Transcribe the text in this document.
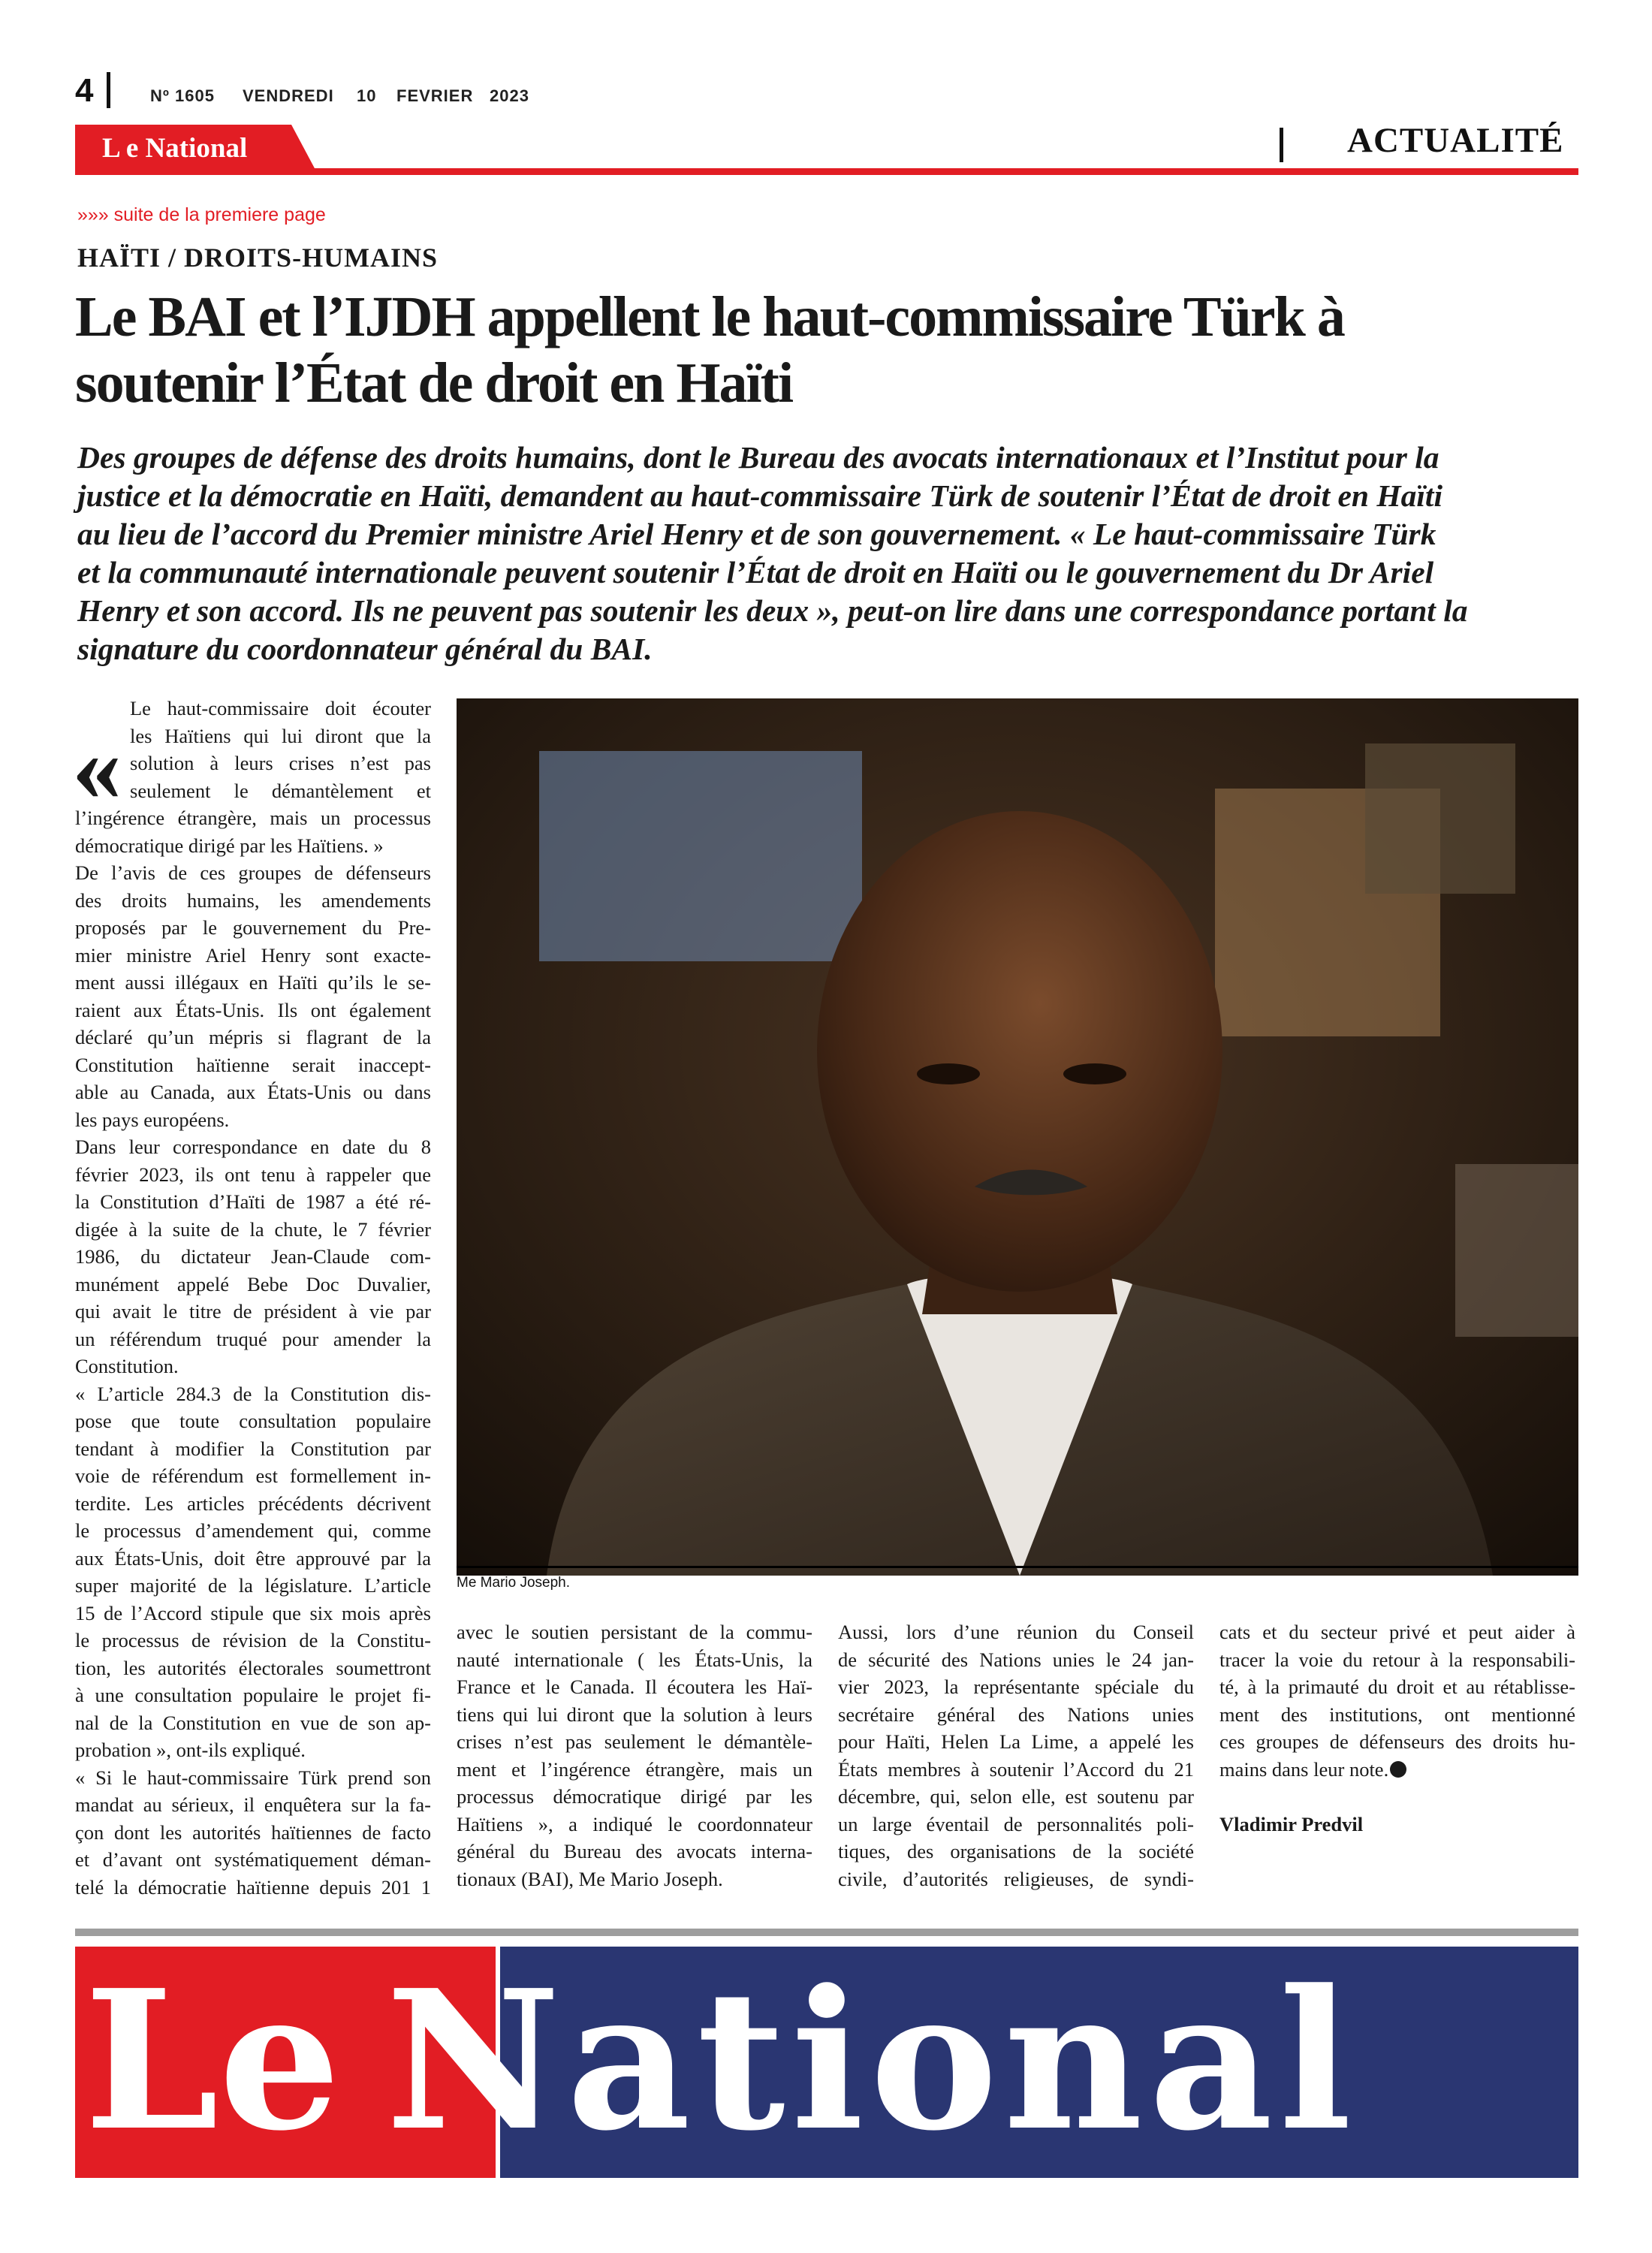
4	Nº 1605 VENDREDI 10 FEVRIER 2023
L e National	ACTUALITÉ
»»» suite de la premiere page
HAÏTI / DROITS-HUMAINS
Le BAI et l’IJDH appellent le haut-commissaire Türk à
soutenir l’État de droit en Haïti
Des groupes de défense des droits humains, dont le Bureau des avocats internationaux et l’Institut pour la
justice et la démocratie en Haïti, demandent au haut-commissaire Türk de soutenir l’État de droit en Haïti
au lieu de l’accord du Premier ministre Ariel Henry et de son gouvernement. « Le haut-commissaire Türk
et la communauté internationale peuvent soutenir l’État de droit en Haïti ou le gouvernement du Dr Ariel
Henry et son accord. Ils ne peuvent pas soutenir les deux », peut-on lire dans une correspondance portant la
signature du coordonnateur général du BAI.
«
Le haut-commissaire doit écouter
les Haïtiens qui lui diront que la
solution à leurs crises n’est pas
seulement le démantèlement et
l’ingérence étrangère, mais un processus
démocratique dirigé par les Haïtiens. »
De l’avis de ces groupes de défenseurs
des droits humains, les amendements
proposés par le gouvernement du Pre-
mier ministre Ariel Henry sont exacte-
ment aussi illégaux en Haïti qu’ils le se-
raient aux États-Unis. Ils ont également
déclaré qu’un mépris si flagrant de la
Constitution haïtienne serait inaccept-
able au Canada, aux États-Unis ou dans
les pays européens.
Dans leur correspondance en date du 8
février 2023, ils ont tenu à rappeler que
la Constitution d’Haïti de 1987 a été ré-
digée à la suite de la chute, le 7 février
1986, du dictateur Jean-Claude com-
munément appelé Bebe Doc Duvalier,
qui avait le titre de président à vie par
un référendum truqué pour amender la
Constitution.
« L’article 284.3 de la Constitution dis-
pose que toute consultation populaire
tendant à modifier la Constitution par
voie de référendum est formellement in-
terdite. Les articles précédents décrivent
le processus d’amendement qui, comme
aux États-Unis, doit être approuvé par la
super majorité de la législature. L’article
15 de l’Accord stipule que six mois après
le processus de révision de la Constitu-
tion, les autorités électorales soumettront
à une consultation populaire le projet fi-
nal de la Constitution en vue de son ap-
probation », ont-ils expliqué.
« Si le haut-commissaire Türk prend son
mandat au sérieux, il enquêtera sur la fa-
çon dont les autorités haïtiennes de facto
et d’avant ont systématiquement déman-
telé la démocratie haïtienne depuis 201 1
Me Mario Joseph.
avec le soutien persistant de la commu-
nauté internationale ( les États-Unis, la
France et le Canada. Il écoutera les Haï-
tiens qui lui diront que la solution à leurs
crises n’est pas seulement le démantèle-
ment et l’ingérence étrangère, mais un
processus démocratique dirigé par les
Haïtiens », a indiqué le coordonnateur
général du Bureau des avocats interna-
tionaux (BAI), Me Mario Joseph.
Aussi, lors d’une réunion du Conseil
de sécurité des Nations unies le 24 jan-
vier 2023, la représentante spéciale du
secrétaire général des Nations unies
pour Haïti, Helen La Lime, a appelé les
États membres à soutenir l’Accord du 21
décembre, qui, selon elle, est soutenu par
un large éventail de personnalités poli-
tiques, des organisations de la société
civile, d’autorités religieuses, de syndi-
cats et du secteur privé et peut aider à
tracer la voie du retour à la responsabili-
té, à la primauté du droit et au rétablisse-
ment des institutions, ont mentionné
ces groupes de défenseurs des droits hu-
mains dans leur note.
Vladimir Predvil
Le National
